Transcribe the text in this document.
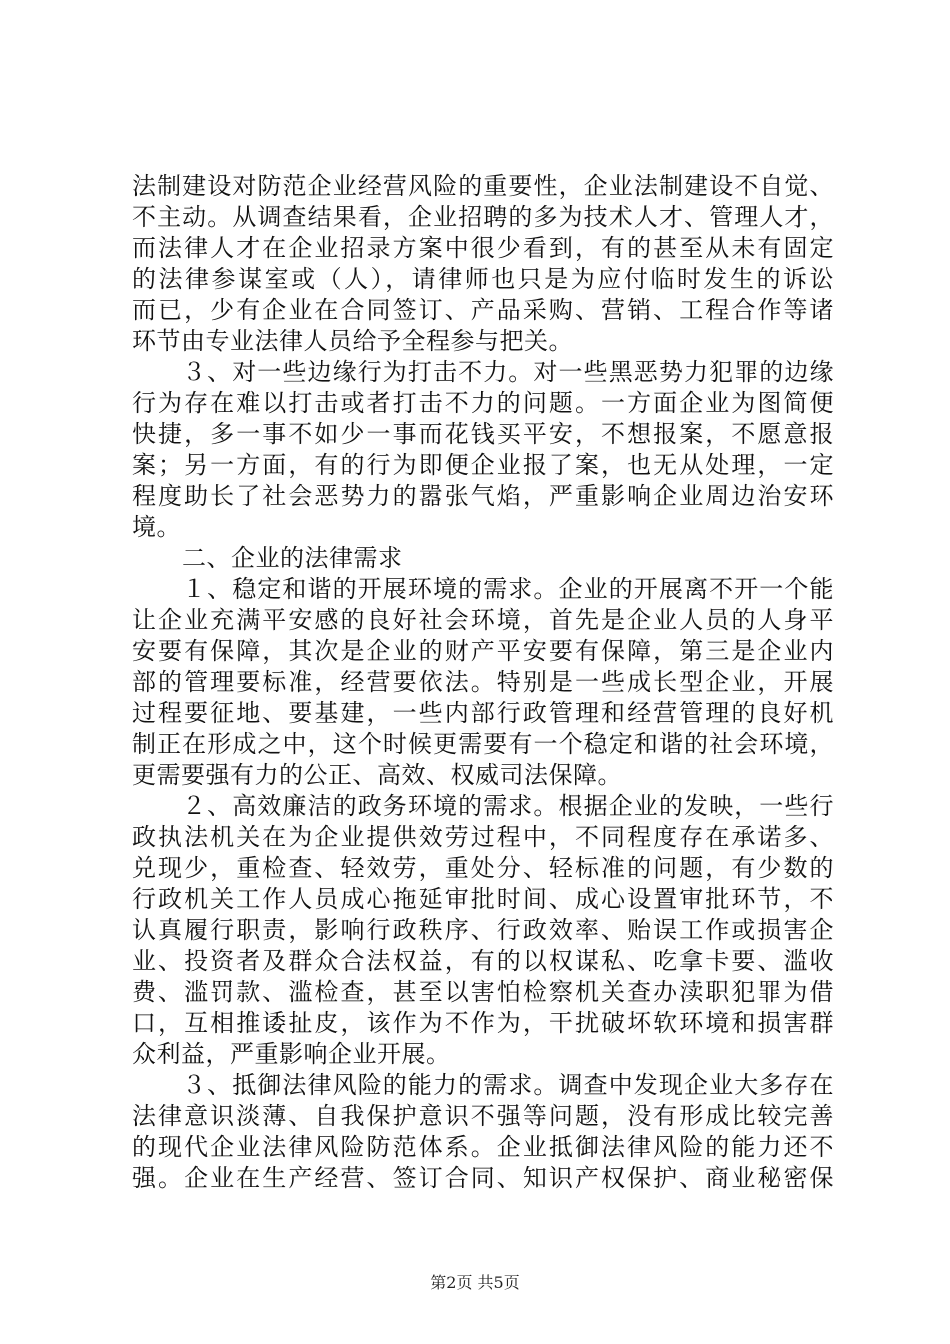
法制建设对防范企业经营风险的重要性，企业法制建设不自觉、
不主动。从调查结果看，企业招聘的多为技术人才、管理人才，
而法律人才在企业招录方案中很少看到，有的甚至从未有固定
的法律参谋室或（人），请律师也只是为应付临时发生的诉讼
而已，少有企业在合同签订、产品采购、营销、工程合作等诸
环节由专业法律人员给予全程参与把关。
３、对一些边缘行为打击不力。对一些黑恶势力犯罪的边缘
行为存在难以打击或者打击不力的问题。一方面企业为图简便
快捷，多一事不如少一事而花钱买平安，不想报案，不愿意报
案；另一方面，有的行为即便企业报了案，也无从处理，一定
程度助长了社会恶势力的嚣张气焰，严重影响企业周边治安环
境。
二、企业的法律需求
１、稳定和谐的开展环境的需求。企业的开展离不开一个能
让企业充满平安感的良好社会环境，首先是企业人员的人身平
安要有保障，其次是企业的财产平安要有保障，第三是企业内
部的管理要标准，经营要依法。特别是一些成长型企业，开展
过程要征地、要基建，一些内部行政管理和经营管理的良好机
制正在形成之中，这个时候更需要有一个稳定和谐的社会环境，
更需要强有力的公正、高效、权威司法保障。
２、高效廉洁的政务环境的需求。根据企业的发映，一些行
政执法机关在为企业提供效劳过程中，不同程度存在承诺多、
兑现少，重检查、轻效劳，重处分、轻标准的问题，有少数的
行政机关工作人员成心拖延审批时间、成心设置审批环节，不
认真履行职责，影响行政秩序、行政效率、贻误工作或损害企
业、投资者及群众合法权益，有的以权谋私、吃拿卡要、滥收
费、滥罚款、滥检查，甚至以害怕检察机关查办渎职犯罪为借
口，互相推诿扯皮，该作为不作为，干扰破坏软环境和损害群
众利益，严重影响企业开展。
３、抵御法律风险的能力的需求。调查中发现企业大多存在
法律意识淡薄、自我保护意识不强等问题，没有形成比较完善
的现代企业法律风险防范体系。企业抵御法律风险的能力还不
强。企业在生产经营、签订合同、知识产权保护、商业秘密保
第2页 共5页
